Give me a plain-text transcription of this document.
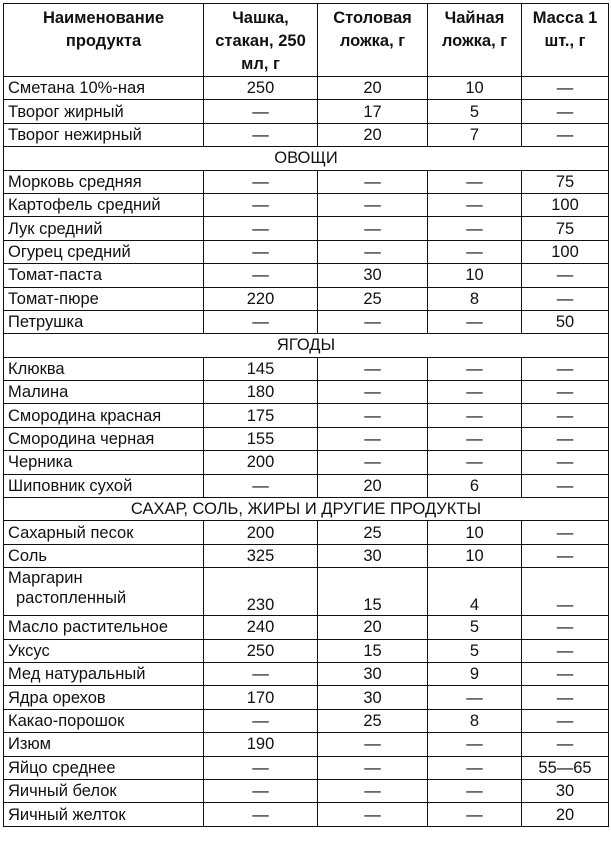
Наименование продукта	Чашка, стакан, 250 мл, г	Столовая ложка, г	Чайная ложка, г	Масса 1 шт., г
Сметана 10%-ная	250	20	10	—
Творог жирный	—	17	5	—
Творог нежирный	—	20	7	—
ОВОЩИ				
Морковь средняя	—	—	—	75
Картофель средний	—	—	—	100
Лук средний	—	—	—	75
Огурец средний	—	—	—	100
Томат-паста	—	30	10	—
Томат-пюре	220	25	8	—
Петрушка	—	—	—	50
ЯГОДЫ				
Клюква	145	—	—	—
Малина	180	—	—	—
Смородина красная	175	—	—	—
Смородина черная	155	—	—	—
Черника	200	—	—	—
Шиповник сухой	—	20	6	—
САХАР, СОЛЬ, ЖИРЫ И ДРУГИЕ ПРОДУКТЫ				
Сахарный песок	200	25	10	—
Соль	325	30	10	—
Маргарин
растопленный	230	15	4	—
Масло растительное	240	20	5	—
Уксус	250	15	5	—
Мед натуральный	—	30	9	—
Ядра орехов	170	30	—	—
Какао-порошок	—	25	8	—
Изюм	190	—	—	—
Яйцо среднее	—	—	—	55—65
Яичный белок	—	—	—	30
Яичный желток	—	—	—	20
